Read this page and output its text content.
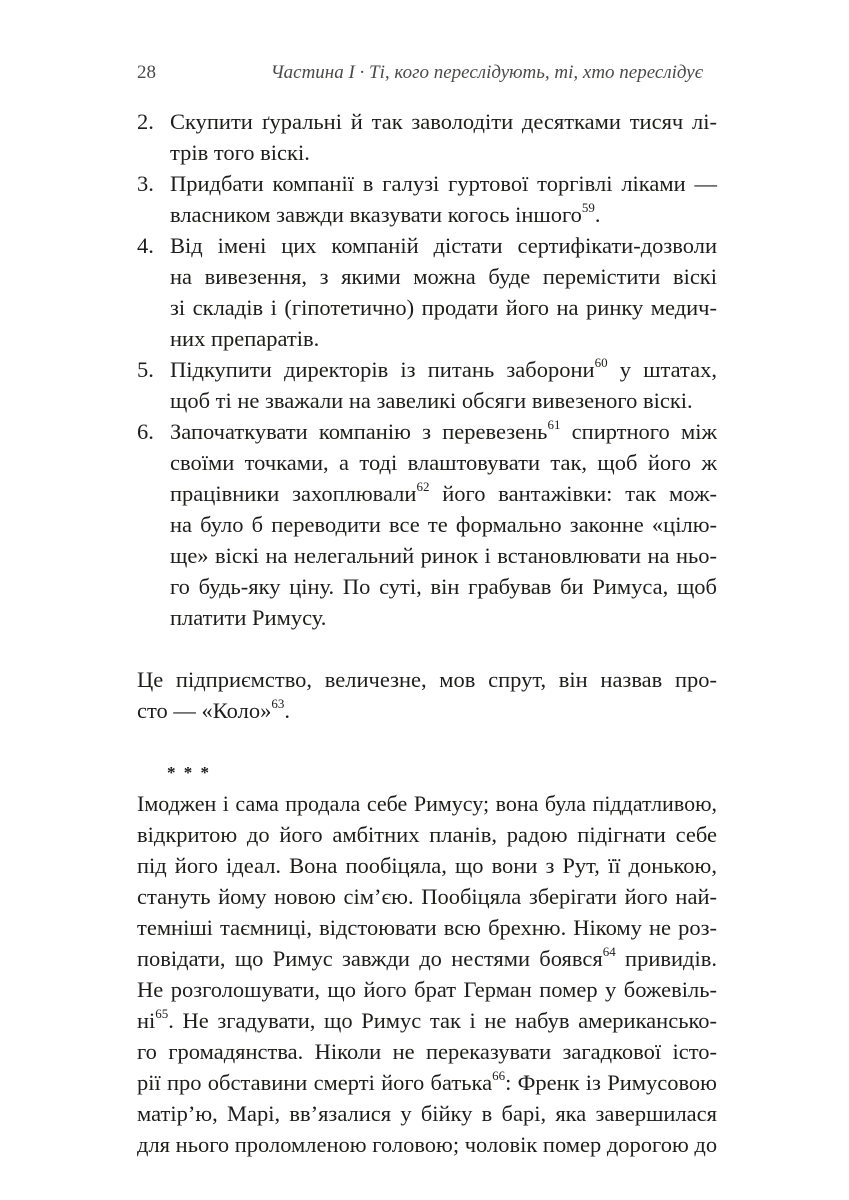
28	Частина I · Ті, кого переслідують, ті, хто переслідує
2. Скупити ґуральні й так заволодіти десятками тисяч лі-
трів того віскі.
3. Придбати компанії в галузі гуртової торгівлі ліками —
власником завжди вказувати когось іншого$^{59}$.
4. Від імені цих компаній дістати сертифікати-дозволи
на вивезення, з якими можна буде перемістити віскі
зі складів і (гіпотетично) продати його на ринку медич-
них препаратів.
5. Підкупити директорів із питань заборони$^{60}$ у штатах,
щоб ті не зважали на завеликі обсяги вивезеного віскі.
6. Започаткувати компанію з перевезень$^{61}$ спиртного між
своїми точками, а тоді влаштовувати так, щоб його ж
працівники захоплювали$^{62}$ його вантажівки: так мож-
на було б переводити все те формально законне «цілю-
ще» віскі на нелегальний ринок і встановлювати на ньо-
го будь-яку ціну. По суті, він грабував би Римуса, щоб
платити Римусу.
Це підприємство, величезне, мов спрут, він назвав про-
сто — «Коло»$^{63}$.
* * *
Імоджен і сама продала себе Римусу; вона була піддатливою,
відкритою до його амбітних планів, радою підігнати себе
під його ідеал. Вона пообіцяла, що вони з Рут, її донькою,
стануть йому новою сім’єю. Пообіцяла зберігати його най-
темніші таємниці, відстоювати всю брехню. Нікому не роз-
повідати, що Римус завжди до нестями боявся$^{64}$ привидів.
Не розголошувати, що його брат Герман помер у божевіль-
$ні^{65}$. Не згадувати, що Римус так і не набув американсько-
го громадянства. Ніколи не переказувати загадкової істо-
рії про обставини смерті його батька$^{66}$: Френк із Римусовою
матір’ю, Марі, вв’язалися у бійку в барі, яка завершилася
для нього проломленою головою; чоловік помер дорогою до
